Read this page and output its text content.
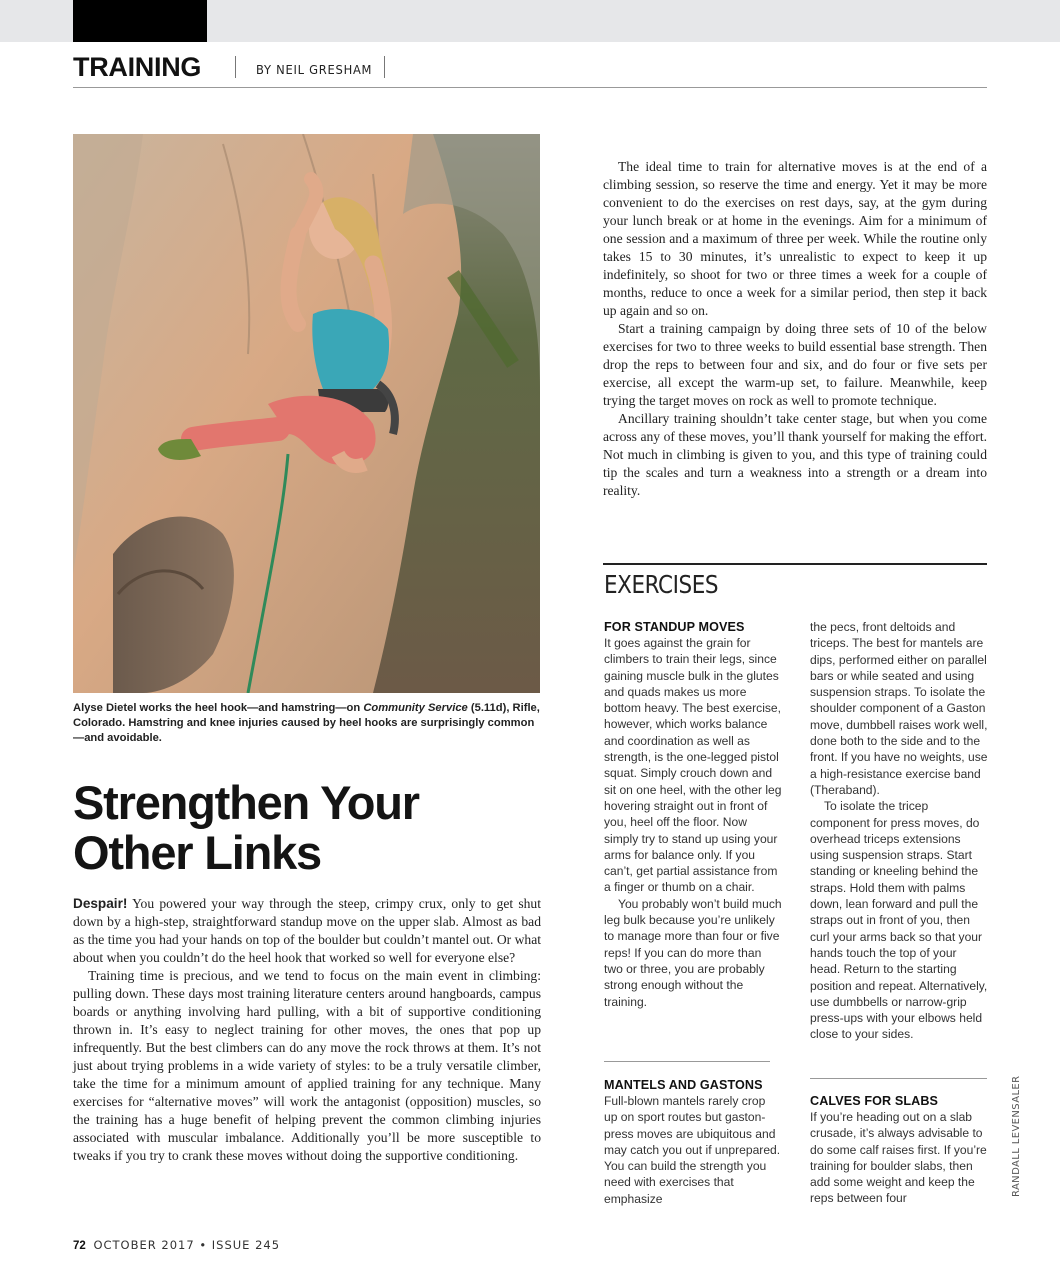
TRAINING	BY NEIL GRESHAM
Alyse Dietel works the heel hook—and hamstring—on Community Service (5.11d), Rifle, Colorado. Hamstring and knee injuries caused by heel hooks are surprisingly common—and avoidable.
Strengthen Your
Other Links

Despair! You powered your way through the steep, crimpy crux, only to get shut down by a high-step, straightforward standup move on the upper slab. Almost as bad as the time you had your hands on top of the boulder but couldn’t mantel out. Or what about when you couldn’t do the heel hook that worked so well for everyone else?

Training time is precious, and we tend to focus on the main event in climbing: pulling down. These days most training literature centers around hangboards, campus boards or anything involving hard pulling, with a bit of supportive conditioning thrown in. It’s easy to neglect training for other moves, the ones that pop up infrequently. But the best climbers can do any move the rock throws at them. It’s not just about trying problems in a wide variety of styles: to be a truly versatile climber, take the time for a minimum amount of applied training for any technique. Many exercises for “alternative moves” will work the antagonist (opposition) muscles, so the training has a huge benefit of helping prevent the common climbing injuries associated with muscular imbalance. Additionally you’ll be more susceptible to tweaks if you try to crank these moves without doing the supportive conditioning.

The ideal time to train for alternative moves is at the end of a climbing session, so reserve the time and energy. Yet it may be more convenient to do the exercises on rest days, say, at the gym during your lunch break or at home in the evenings. Aim for a minimum of one session and a maximum of three per week. While the routine only takes 15 to 30 minutes, it’s unrealistic to expect to keep it up indefinitely, so shoot for two or three times a week for a couple of months, reduce to once a week for a similar period, then step it back up again and so on.

Start a training campaign by doing three sets of 10 of the below exercises for two to three weeks to build essential base strength. Then drop the reps to between four and six, and do four or five sets per exercise, all except the warm-up set, to failure. Meanwhile, keep trying the target moves on rock as well to promote technique.

Ancillary training shouldn’t take center stage, but when you come across any of these moves, you’ll thank yourself for making the effort. Not much in climbing is given to you, and this type of training could tip the scales and turn a weakness into a strength or a dream into reality.

EXERCISES
FOR STANDUP MOVES

It goes against the grain for climbers to train their legs, since gaining muscle bulk in the glutes and quads makes us more bottom heavy. The best exercise, however, which works balance and coordination as well as strength, is the one-legged pistol squat. Simply crouch down and sit on one heel, with the other leg hovering straight out in front of you, heel off the floor. Now simply try to stand up using your arms for balance only. If you can’t, get partial assistance from a finger or thumb on a chair.

You probably won’t build much leg bulk because you’re unlikely to manage more than four or five reps! If you can do more than two or three, you are probably strong enough without the training.

MANTELS AND GASTONS

Full-blown mantels rarely crop up on sport routes but gaston-press moves are ubiquitous and may catch you out if unprepared. You can build the strength you need with exercises that emphasize

the pecs, front deltoids and triceps. The best for mantels are dips, performed either on parallel bars or while seated and using suspension straps. To isolate the shoulder component of a Gaston move, dumbbell raises work well, done both to the side and to the front. If you have no weights, use a high-resistance exercise band (Theraband).

To isolate the tricep component for press moves, do overhead triceps extensions using suspension straps. Start standing or kneeling behind the straps. Hold them with palms down, lean forward and pull the straps out in front of you, then curl your arms back so that your hands touch the top of your head. Return to the starting position and repeat. Alternatively, use dumbbells or narrow-grip press-ups with your elbows held close to your sides.

CALVES FOR SLABS

If you’re heading out on a slab crusade, it’s always advisable to do some calf raises first. If you’re training for boulder slabs, then add some weight and keep the reps between four

RANDALL LEVENSALER
72 OCTOBER 2017 • ISSUE 245
